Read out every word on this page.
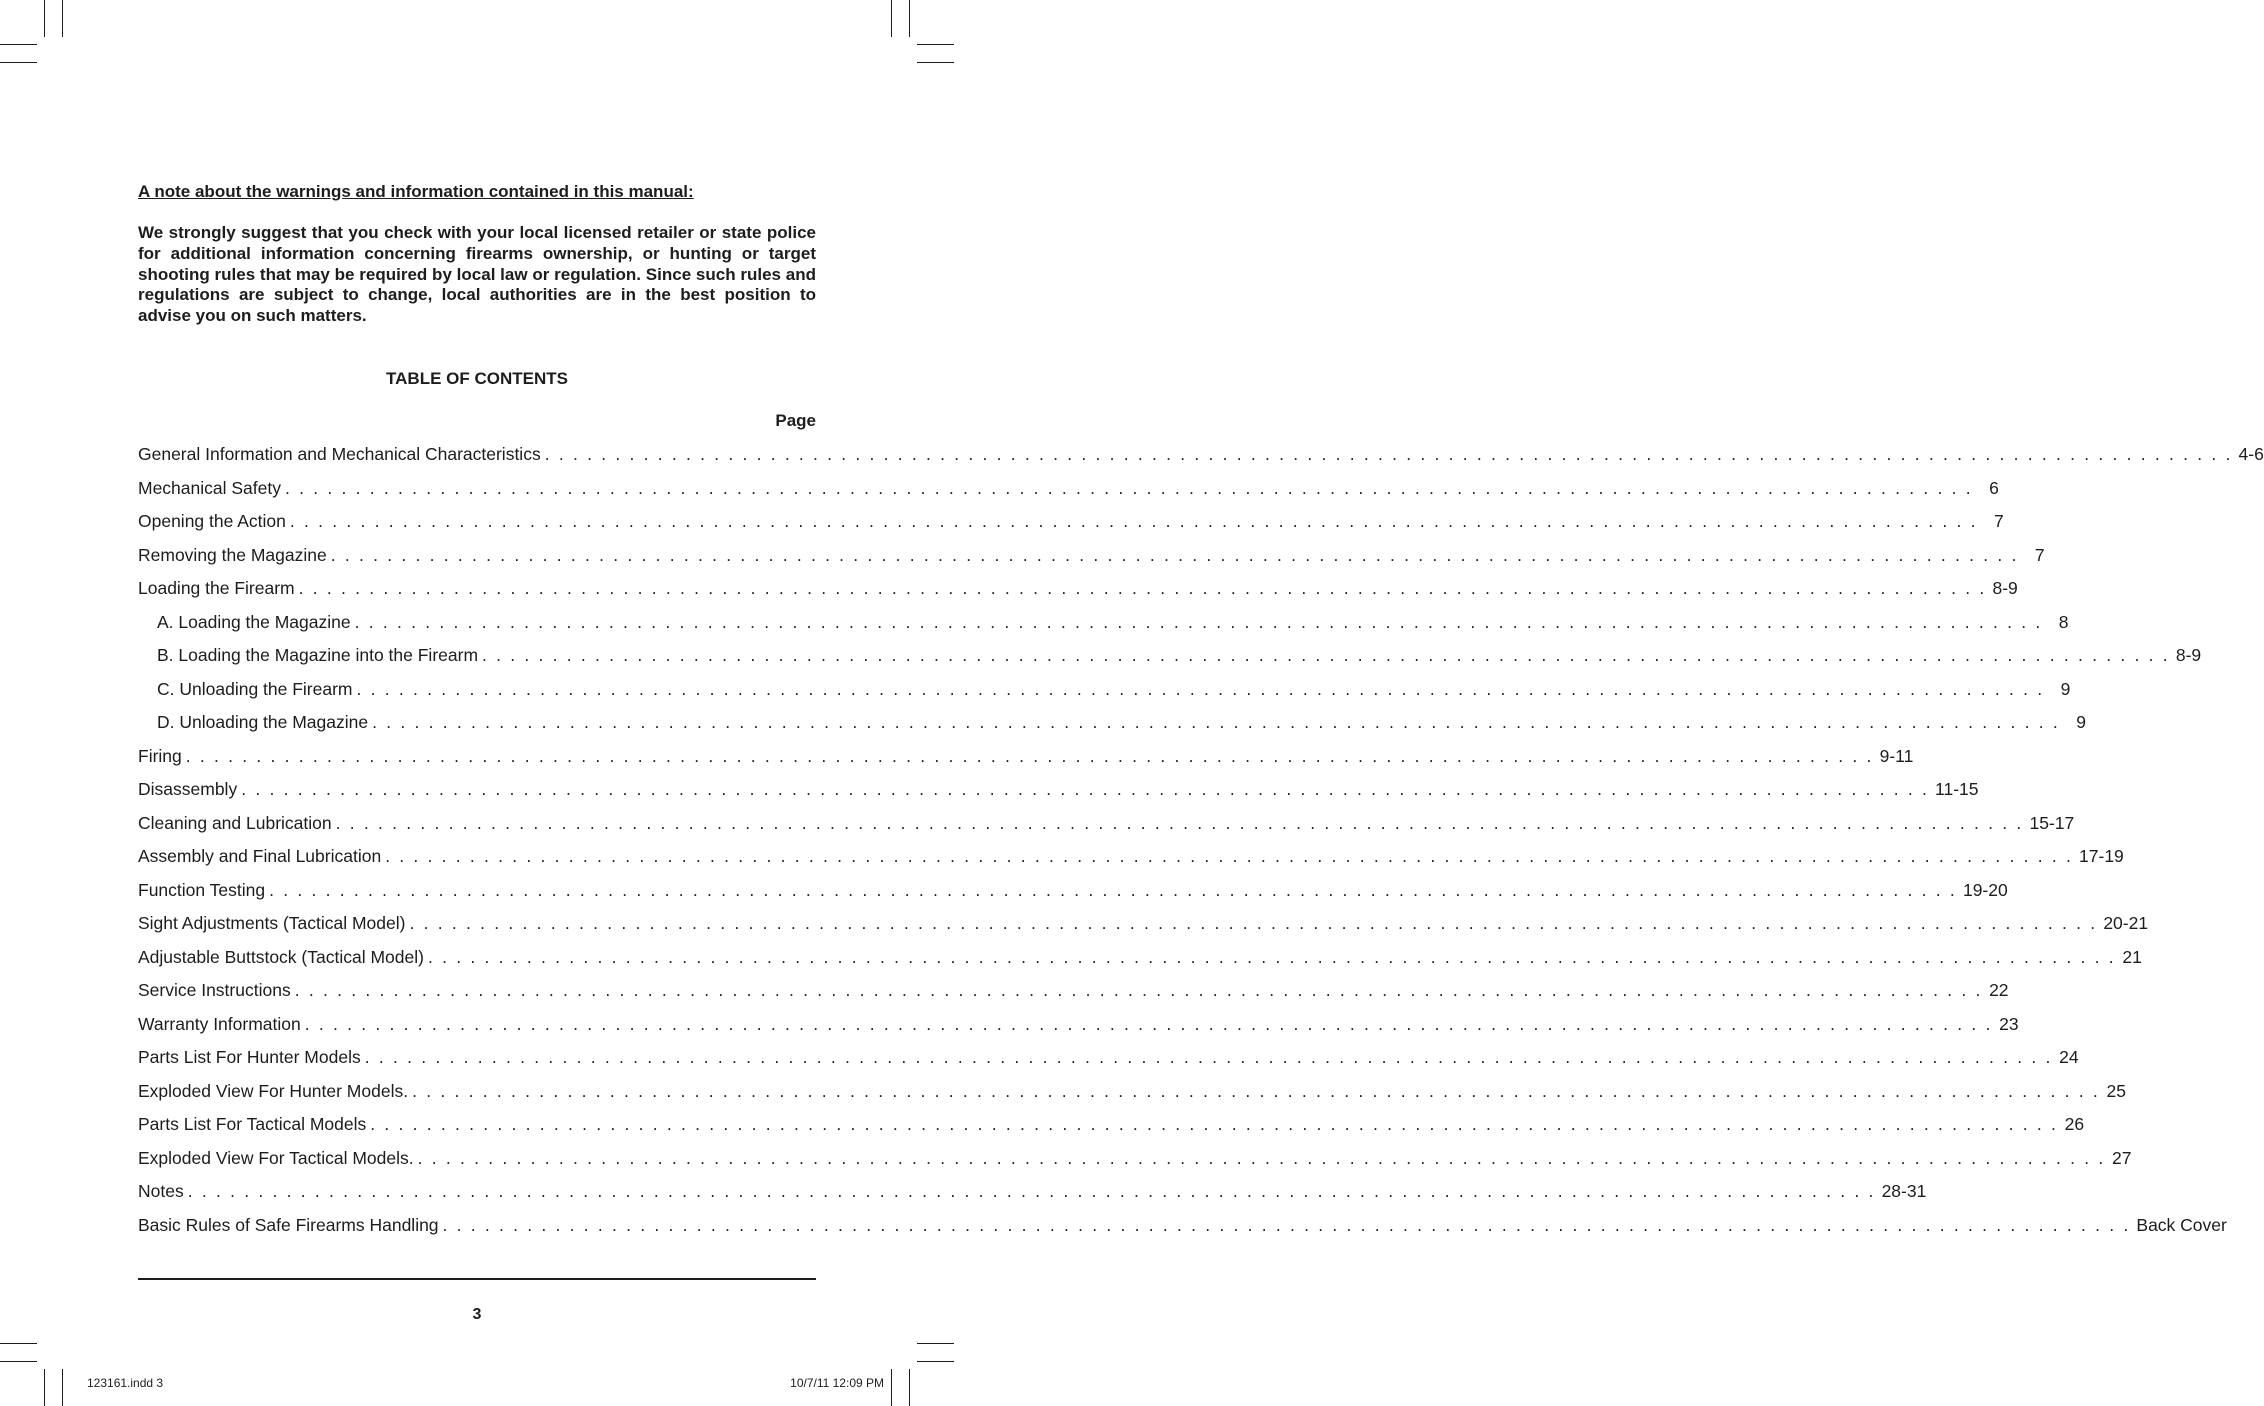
A note about the warnings and information contained in this manual:

We strongly suggest that you check with your local licensed retailer or state police for additional information concerning firearms ownership, or hunting or target shooting rules that may be required by local law or regulation. Since such rules and regulations are subject to change, local authorities are in the best position to advise you on such matters.

TABLE OF CONTENTS

Page

General Information and Mechanical Characteristics . . . . . . . . . . . . . . . . . . . . . . . . . . . . . . . . . . . . . . . . . . . . . . . . . . . . . . . . . . . . . . . . . . . . . . . . . . . . . . . . . . . . . . . . . . . . . . . . . . . . . . . . . . . . . . . . . . . . . . . . 4-6
Mechanical Safety . . . . . . . . . . . . . . . . . . . . . . . . . . . . . . . . . . . . . . . . . . . . . . . . . . . . . . . . . . . . . . . . . . . . . . . . . . . . . . . . . . . . . . . . . . . . . . . . . . . . . . . . . . . . . . . . . . . . . . . . 6
Opening the Action . . . . . . . . . . . . . . . . . . . . . . . . . . . . . . . . . . . . . . . . . . . . . . . . . . . . . . . . . . . . . . . . . . . . . . . . . . . . . . . . . . . . . . . . . . . . . . . . . . . . . . . . . . . . . . . . . . . . . . . . 7
Removing the Magazine . . . . . . . . . . . . . . . . . . . . . . . . . . . . . . . . . . . . . . . . . . . . . . . . . . . . . . . . . . . . . . . . . . . . . . . . . . . . . . . . . . . . . . . . . . . . . . . . . . . . . . . . . . . . . . . . . . . . . . . . 7
Loading the Firearm . . . . . . . . . . . . . . . . . . . . . . . . . . . . . . . . . . . . . . . . . . . . . . . . . . . . . . . . . . . . . . . . . . . . . . . . . . . . . . . . . . . . . . . . . . . . . . . . . . . . . . . . . . . . . . . . . . . . . . . . 8-9
A. Loading the Magazine . . . . . . . . . . . . . . . . . . . . . . . . . . . . . . . . . . . . . . . . . . . . . . . . . . . . . . . . . . . . . . . . . . . . . . . . . . . . . . . . . . . . . . . . . . . . . . . . . . . . . . . . . . . . . . . . . . . . . . . . 8
B. Loading the Magazine into the Firearm . . . . . . . . . . . . . . . . . . . . . . . . . . . . . . . . . . . . . . . . . . . . . . . . . . . . . . . . . . . . . . . . . . . . . . . . . . . . . . . . . . . . . . . . . . . . . . . . . . . . . . . . . . . . . . . . . . . . . . . . 8-9
C. Unloading the Firearm . . . . . . . . . . . . . . . . . . . . . . . . . . . . . . . . . . . . . . . . . . . . . . . . . . . . . . . . . . . . . . . . . . . . . . . . . . . . . . . . . . . . . . . . . . . . . . . . . . . . . . . . . . . . . . . . . . . . . . . . 9
D. Unloading the Magazine . . . . . . . . . . . . . . . . . . . . . . . . . . . . . . . . . . . . . . . . . . . . . . . . . . . . . . . . . . . . . . . . . . . . . . . . . . . . . . . . . . . . . . . . . . . . . . . . . . . . . . . . . . . . . . . . . . . . . . . . 9
Firing . . . . . . . . . . . . . . . . . . . . . . . . . . . . . . . . . . . . . . . . . . . . . . . . . . . . . . . . . . . . . . . . . . . . . . . . . . . . . . . . . . . . . . . . . . . . . . . . . . . . . . . . . . . . . . . . . . . . . . . . 9-11
Disassembly . . . . . . . . . . . . . . . . . . . . . . . . . . . . . . . . . . . . . . . . . . . . . . . . . . . . . . . . . . . . . . . . . . . . . . . . . . . . . . . . . . . . . . . . . . . . . . . . . . . . . . . . . . . . . . . . . . . . . . . . 11-15
Cleaning and Lubrication . . . . . . . . . . . . . . . . . . . . . . . . . . . . . . . . . . . . . . . . . . . . . . . . . . . . . . . . . . . . . . . . . . . . . . . . . . . . . . . . . . . . . . . . . . . . . . . . . . . . . . . . . . . . . . . . . . . . . . . . 15-17
Assembly and Final Lubrication . . . . . . . . . . . . . . . . . . . . . . . . . . . . . . . . . . . . . . . . . . . . . . . . . . . . . . . . . . . . . . . . . . . . . . . . . . . . . . . . . . . . . . . . . . . . . . . . . . . . . . . . . . . . . . . . . . . . . . . . 17-19
Function Testing . . . . . . . . . . . . . . . . . . . . . . . . . . . . . . . . . . . . . . . . . . . . . . . . . . . . . . . . . . . . . . . . . . . . . . . . . . . . . . . . . . . . . . . . . . . . . . . . . . . . . . . . . . . . . . . . . . . . . . . . 19-20
Sight Adjustments (Tactical Model) . . . . . . . . . . . . . . . . . . . . . . . . . . . . . . . . . . . . . . . . . . . . . . . . . . . . . . . . . . . . . . . . . . . . . . . . . . . . . . . . . . . . . . . . . . . . . . . . . . . . . . . . . . . . . . . . . . . . . . . . 20-21
Adjustable Buttstock (Tactical Model) . . . . . . . . . . . . . . . . . . . . . . . . . . . . . . . . . . . . . . . . . . . . . . . . . . . . . . . . . . . . . . . . . . . . . . . . . . . . . . . . . . . . . . . . . . . . . . . . . . . . . . . . . . . . . . . . . . . . . . . . 21
Service Instructions . . . . . . . . . . . . . . . . . . . . . . . . . . . . . . . . . . . . . . . . . . . . . . . . . . . . . . . . . . . . . . . . . . . . . . . . . . . . . . . . . . . . . . . . . . . . . . . . . . . . . . . . . . . . . . . . . . . . . . . . 22
Warranty Information . . . . . . . . . . . . . . . . . . . . . . . . . . . . . . . . . . . . . . . . . . . . . . . . . . . . . . . . . . . . . . . . . . . . . . . . . . . . . . . . . . . . . . . . . . . . . . . . . . . . . . . . . . . . . . . . . . . . . . . . 23
Parts List For Hunter Models . . . . . . . . . . . . . . . . . . . . . . . . . . . . . . . . . . . . . . . . . . . . . . . . . . . . . . . . . . . . . . . . . . . . . . . . . . . . . . . . . . . . . . . . . . . . . . . . . . . . . . . . . . . . . . . . . . . . . . . . 24
Exploded View For Hunter Models. . . . . . . . . . . . . . . . . . . . . . . . . . . . . . . . . . . . . . . . . . . . . . . . . . . . . . . . . . . . . . . . . . . . . . . . . . . . . . . . . . . . . . . . . . . . . . . . . . . . . . . . . . . . . . . . . . . . . . . . . 25
Parts List For Tactical Models . . . . . . . . . . . . . . . . . . . . . . . . . . . . . . . . . . . . . . . . . . . . . . . . . . . . . . . . . . . . . . . . . . . . . . . . . . . . . . . . . . . . . . . . . . . . . . . . . . . . . . . . . . . . . . . . . . . . . . . . 26
Exploded View For Tactical Models. . . . . . . . . . . . . . . . . . . . . . . . . . . . . . . . . . . . . . . . . . . . . . . . . . . . . . . . . . . . . . . . . . . . . . . . . . . . . . . . . . . . . . . . . . . . . . . . . . . . . . . . . . . . . . . . . . . . . . . . . 27
Notes . . . . . . . . . . . . . . . . . . . . . . . . . . . . . . . . . . . . . . . . . . . . . . . . . . . . . . . . . . . . . . . . . . . . . . . . . . . . . . . . . . . . . . . . . . . . . . . . . . . . . . . . . . . . . . . . . . . . . . . . 28-31
Basic Rules of Safe Firearms Handling . . . . . . . . . . . . . . . . . . . . . . . . . . . . . . . . . . . . . . . . . . . . . . . . . . . . . . . . . . . . . . . . . . . . . . . . . . . . . . . . . . . . . . . . . . . . . . . . . . . . . . . . . . . . . . . . . . . . . . . . Back Cover

3

123161.indd 3	10/7/11 12:09 PM
